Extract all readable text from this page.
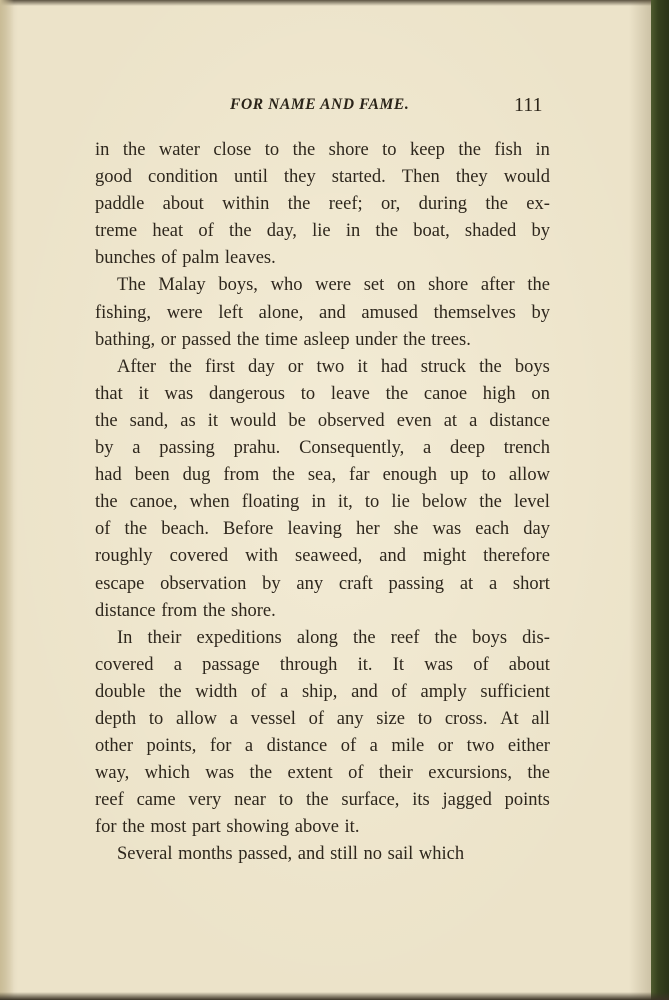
FOR NAME AND FAME.	111
in the water close to the shore to keep the fish in
good condition until they started. Then they would
paddle about within the reef; or, during the ex-
treme heat of the day, lie in the boat, shaded by
bunches of palm leaves.
The Malay boys, who were set on shore after the
fishing, were left alone, and amused themselves by
bathing, or passed the time asleep under the trees.
After the first day or two it had struck the boys
that it was dangerous to leave the canoe high on
the sand, as it would be observed even at a distance
by a passing prahu. Consequently, a deep trench
had been dug from the sea, far enough up to allow
the canoe, when floating in it, to lie below the level
of the beach. Before leaving her she was each day
roughly covered with seaweed, and might therefore
escape observation by any craft passing at a short
distance from the shore.
In their expeditions along the reef the boys dis-
covered a passage through it. It was of about
double the width of a ship, and of amply sufficient
depth to allow a vessel of any size to cross. At all
other points, for a distance of a mile or two either
way, which was the extent of their excursions, the
reef came very near to the surface, its jagged points
for the most part showing above it.
Several months passed, and still no sail which
